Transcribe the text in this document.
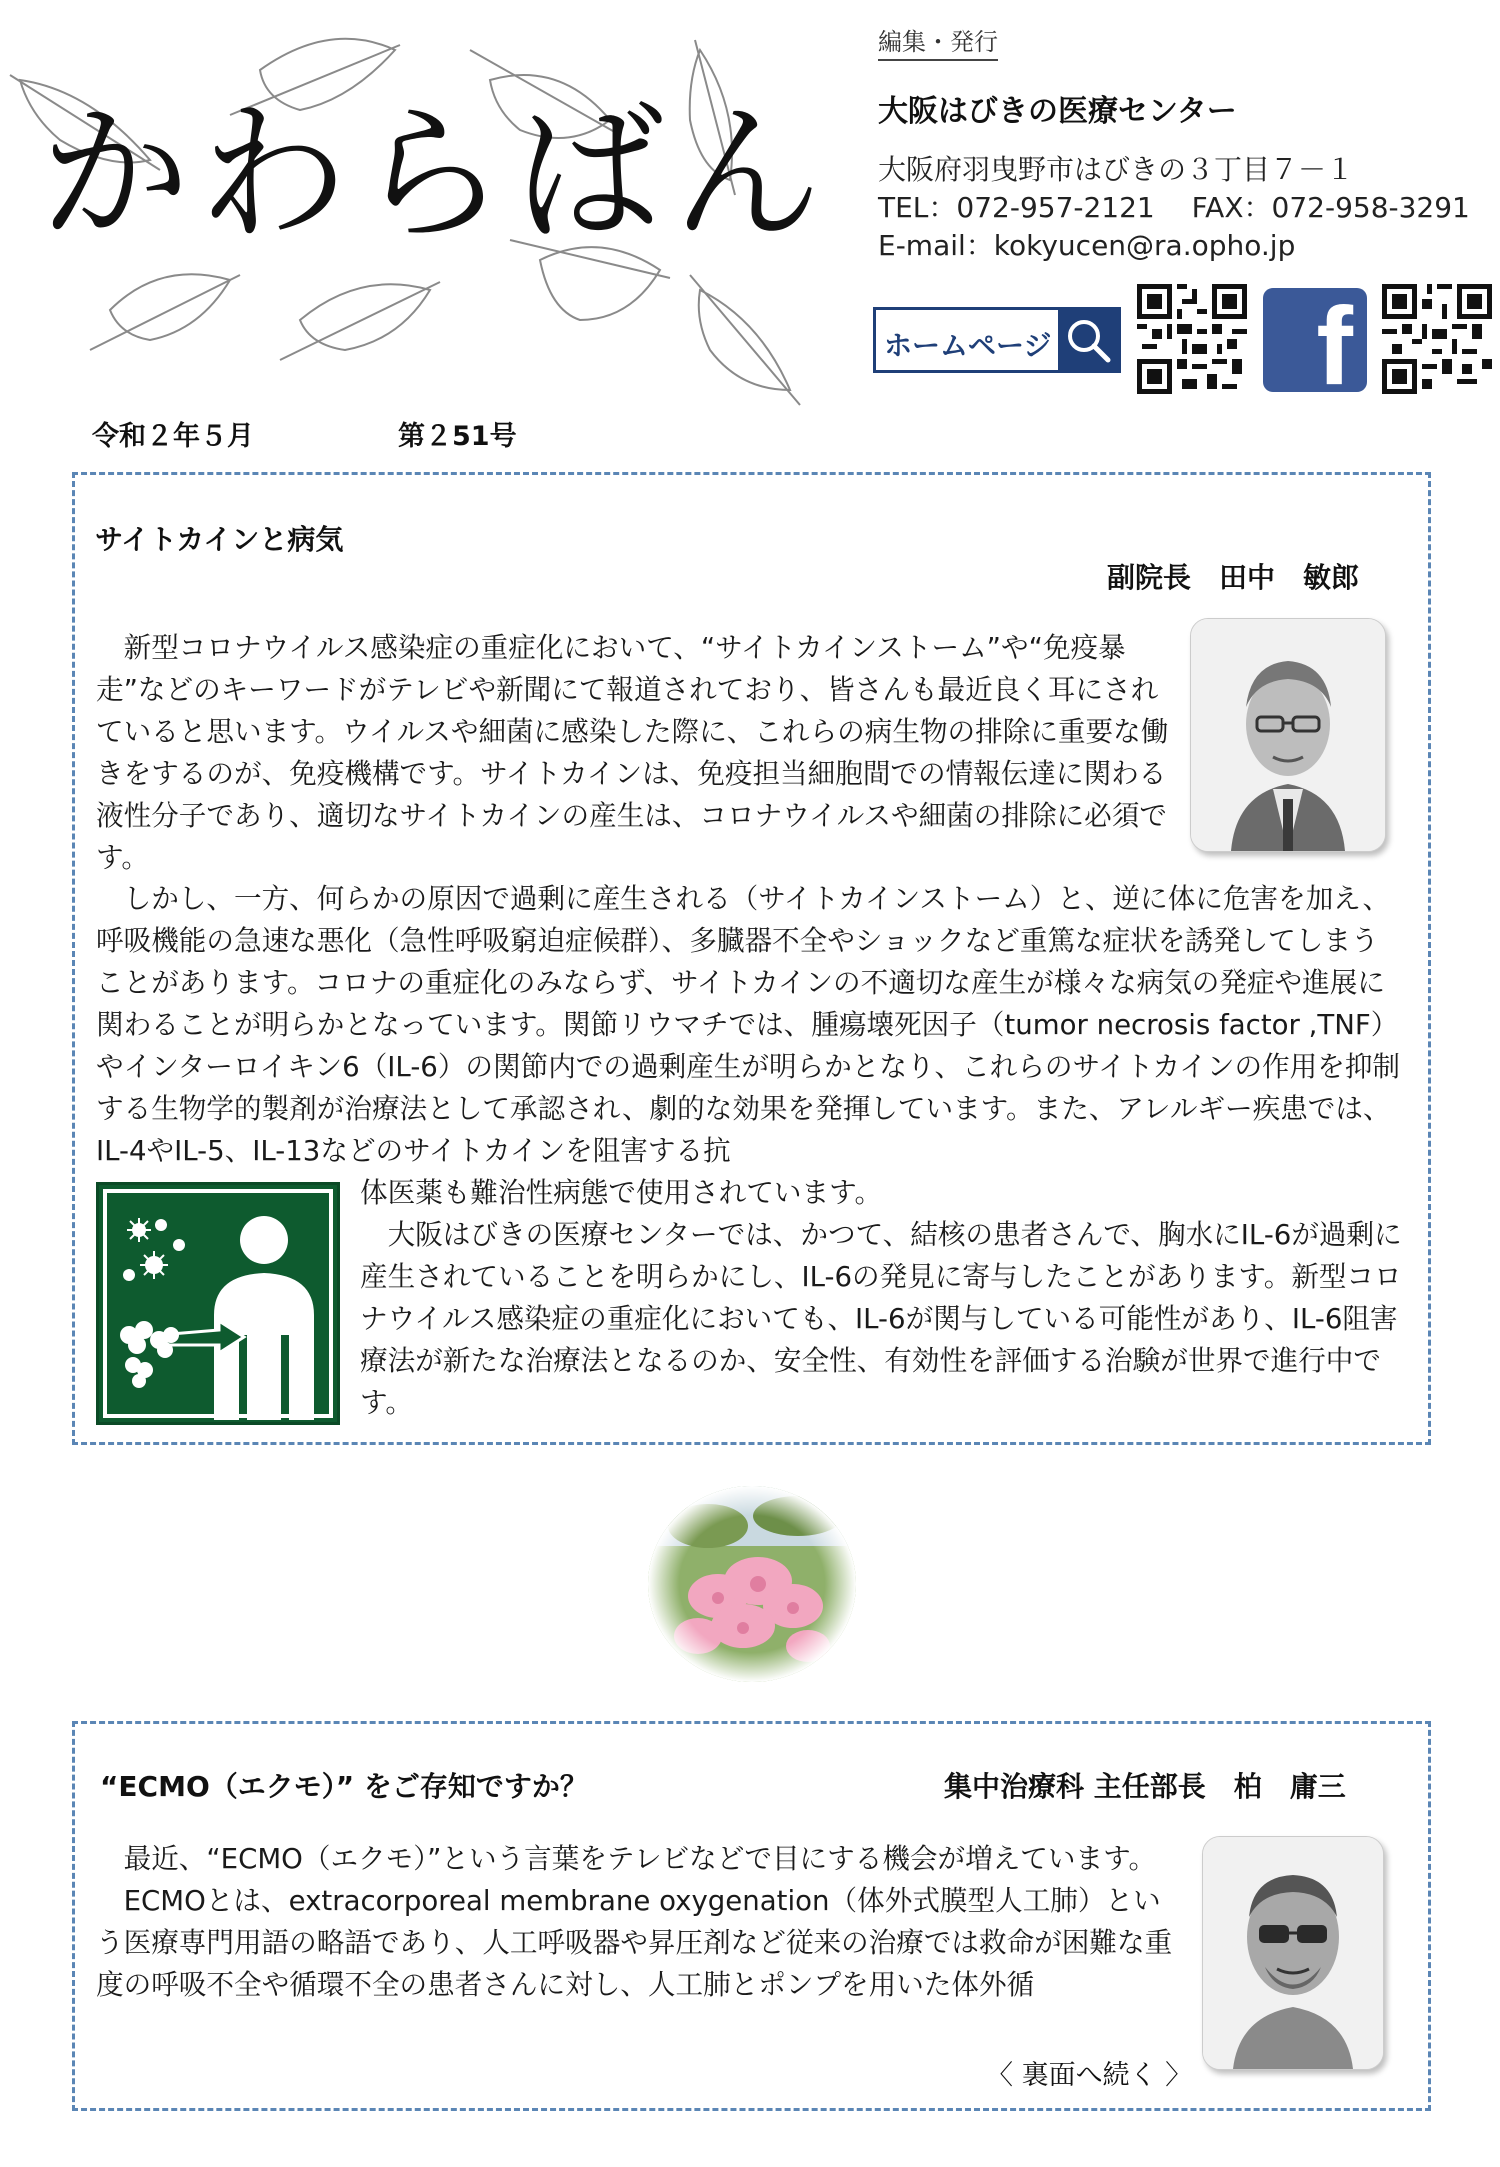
かわらばん
編集・発行
大阪はびきの医療センター
大阪府羽曳野市はびきの３丁目７－１
TEL：072-957-2121　 FAX：072-958-3291
E-mail：kokyucen@ra.opho.jp
ホームページ f
令和２年５月	第２51号
サイトカインと病気
副院長　田中　敏郎

新型コロナウイルス感染症の重症化において、“サイトカインストーム”や“免疫暴走”などのキーワードがテレビや新聞にて報道されており、皆さんも最近良く耳にされていると思います。ウイルスや細菌に感染した際に、これらの病生物の排除に重要な働きをするのが、免疫機構です。サイトカインは、免疫担当細胞間での情報伝達に関わる液性分子であり、適切なサイトカインの産生は、コロナウイルスや細菌の排除に必須です。

しかし、一方、何らかの原因で過剰に産生される（サイトカインストーム）と、逆に体に危害を加え、呼吸機能の急速な悪化（急性呼吸窮迫症候群）、多臓器不全やショックなど重篤な症状を誘発してしまうことがあります。コロナの重症化のみならず、サイトカインの不適切な産生が様々な病気の発症や進展に関わることが明らかとなっています。関節リウマチでは、腫瘍壊死因子（tumor necrosis factor ,TNF）やインターロイキン6（IL-6）の関節内での過剰産生が明らかとなり、これらのサイトカインの作用を抑制する生物学的製剤が治療法として承認され、劇的な効果を発揮しています。また、アレルギー疾患では、IL-4やIL-5、IL-13などのサイトカインを阻害する抗

体医薬も難治性病態で使用されています。

大阪はびきの医療センターでは、かつて、結核の患者さんで、胸水にIL-6が過剰に産生されていることを明らかにし、IL-6の発見に寄与したことがあります。新型コロナウイルス感染症の重症化においても、IL-6が関与している可能性があり、IL-6阻害療法が新たな治療法となるのか、安全性、有効性を評価する治験が世界で進行中です。

“ECMO（エクモ）” をご存知ですか？	集中治療科 主任部長　柏　庸三

最近、“ECMO（エクモ）”という言葉をテレビなどで目にする機会が増えています。

ECMOとは、extracorporeal membrane oxygenation（体外式膜型人工肺）という医療専門用語の略語であり、人工呼吸器や昇圧剤など従来の治療では救命が困難な重度の呼吸不全や循環不全の患者さんに対し、人工肺とポンプを用いた体外循

〈 裏面へ続く 〉
